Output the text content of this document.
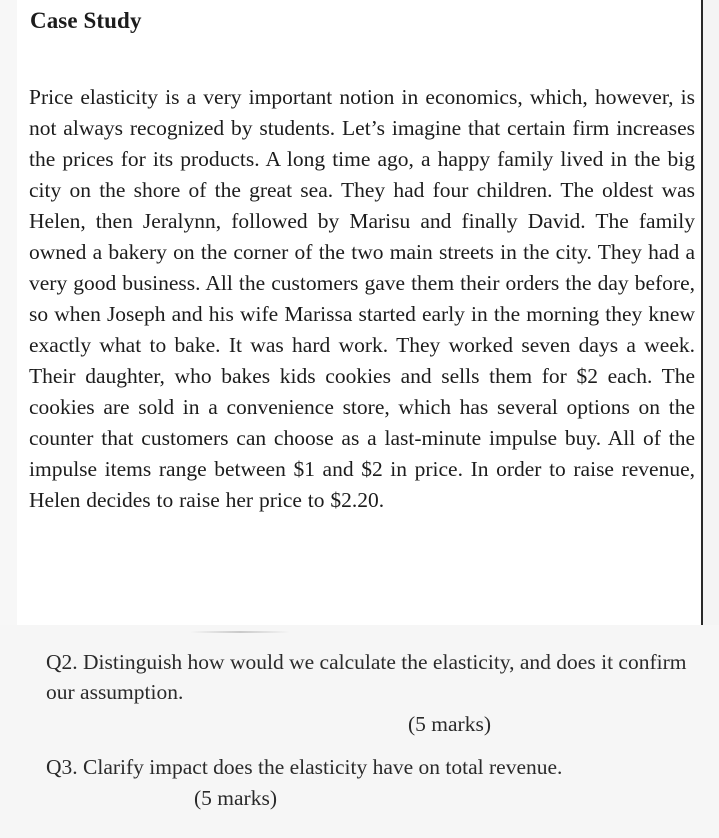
Case Study
Price elasticity is a very important notion in economics, which, however, is not always recognized by students. Let’s imagine that certain firm increases the prices for its products. A long time ago, a happy family lived in the big city on the shore of the great sea. They had four children. The oldest was Helen, then Jeralynn, followed by Marisu and finally David. The family owned a bakery on the corner of the two main streets in the city. They had a very good business. All the customers gave them their orders the day before, so when Joseph and his wife Marissa started early in the morning they knew exactly what to bake. It was hard work. They worked seven days a week. Their daughter, who bakes kids cookies and sells them for $2 each. The cookies are sold in a convenience store, which has several options on the counter that customers can choose as a last-minute impulse buy. All of the impulse items range between $1 and $2 in price. In order to raise revenue, Helen decides to raise her price to $2.20.
Q2. Distinguish how would we calculate the elasticity, and does it confirm our assumption.
(5 marks)
Q3. Clarify impact does the elasticity have on total revenue.
(5 marks)
